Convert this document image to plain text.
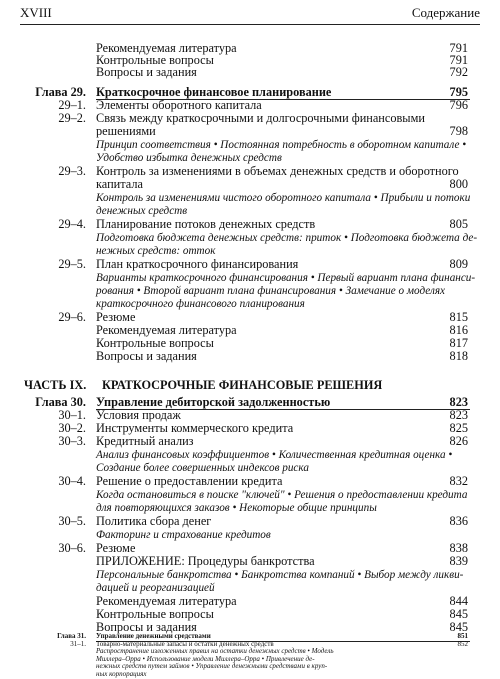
XVIII	Содержание
Рекомендуемая литература	791
Контрольные вопросы	791
Вопросы и задания	792
Глава 29. Краткосрочное финансовое планирование	795
29–1. Элементы оборотного капитала	796
29–2. Связь между краткосрочными и долгосрочными финансовыми
решениями	798
Принцип соответствия • Постоянная потребность в оборотном капитале •
Удобство избытка денежных средств
29–3. Контроль за изменениями в объемах денежных средств и оборотного
капитала	800
Контроль за изменениями чистого оборотного капитала • Прибыли и потоки
денежных средств
29–4. Планирование потоков денежных средств	805
Подготовка бюджета денежных средств: приток • Подготовка бюджета де-
нежных средств: отток
29–5. План краткосрочного финансирования	809
Варианты краткосрочного финансирования • Первый вариант плана финанси-
рования • Второй вариант плана финансирования • Замечание о моделях
краткосрочного финансового планирования
29–6. Резюме	815
Рекомендуемая литература	816
Контрольные вопросы	817
Вопросы и задания	818
ЧАСТЬ IX. КРАТКОСРОЧНЫЕ ФИНАНСОВЫЕ РЕШЕНИЯ
Глава 30. Управление дебиторской задолженностью	823
30–1. Условия продаж	823
30–2. Инструменты коммерческого кредита	825
30–3. Кредитный анализ	826
Анализ финансовых коэффициентов • Количественная кредитная оценка •
Создание более совершенных индексов риска
30–4. Решение о предоставлении кредита	832
Когда остановиться в поиске "ключей" • Решения о предоставлении кредита
для повторяющихся заказов • Некоторые общие принципы
30–5. Политика сбора денег	836
Факторинг и страхование кредитов
30–6. Резюме	838
ПРИЛОЖЕНИЕ: Процедуры банкротства	839
Персональные банкротства • Банкротства компаний • Выбор между ликви-
дацией и реорганизацией
Рекомендуемая литература	844
Контрольные вопросы	845
Вопросы и задания	845
Глава 31. Управление денежными средствами	851
31–1. Товарно-материальные запасы и остатки денежных средств	852
Распространение изложенных правил на остатки денежных средств • Модель
Миллера–Орра • Использование модели Миллера–Орра • Привлечение де-
нежных средств путем займов • Управление денежными средствами в круп-
ных корпорациях
